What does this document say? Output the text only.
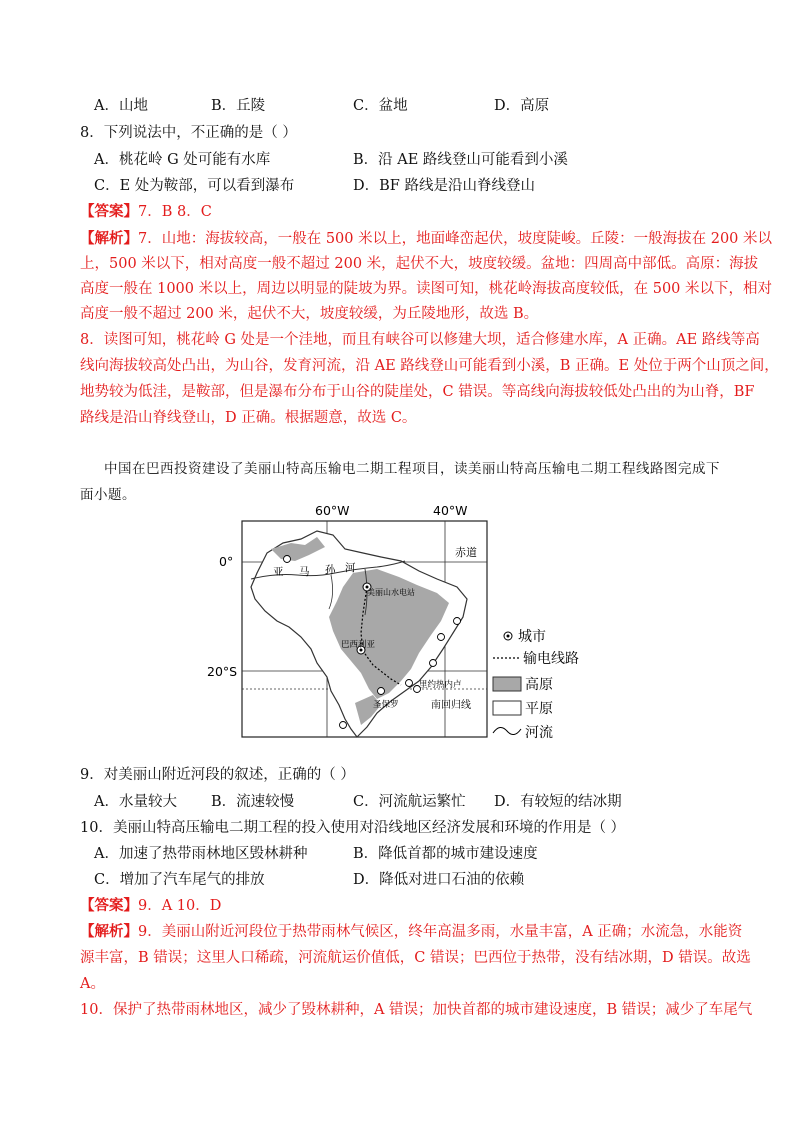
A．山地	B．丘陵	C．盆地	D．高原
8．下列说法中，不正确的是（ ）
A．桃花岭 G 处可能有水库	B．沿 AE 路线登山可能看到小溪
C．E 处为鞍部，可以看到瀑布	D．BF 路线是沿山脊线登山
【答案】7．B 8．C
【解析】7．山地：海拔较高，一般在 500 米以上，地面峰峦起伏，坡度陡峻。丘陵：一般海拔在 200 米以
上，500 米以下，相对高度一般不超过 200 米，起伏不大，坡度较缓。盆地：四周高中部低。高原：海拔
高度一般在 1000 米以上，周边以明显的陡坡为界。读图可知，桃花岭海拔高度较低，在 500 米以下，相对
高度一般不超过 200 米，起伏不大，坡度较缓，为丘陵地形，故选 B。
8．读图可知，桃花岭 G 处是一个洼地，而且有峡谷可以修建大坝，适合修建水库，A 正确。AE 路线等高
线向海拔较高处凸出，为山谷，发育河流，沿 AE 路线登山可能看到小溪，B 正确。E 处位于两个山顶之间，
地势较为低洼，是鞍部，但是瀑布分布于山谷的陡崖处，C 错误。等高线向海拔较低处凸出的为山脊，BF
路线是沿山脊线登山，D 正确。根据题意，故选 C。
中国在巴西投资建设了美丽山特高压输电二期工程项目，读美丽山特高压输电二期工程线路图完成下
面小题。
60°W	40°W
0°
20°S
赤道
南回归线
亚 马 孙 河
美丽山水电站
巴西利亚
里约热内卢
圣保罗
城市
输电线路
高原
平原
河流
9．对美丽山附近河段的叙述，正确的（ ）
A．水量较大 B．流速较慢	C．河流航运繁忙 D．有较短的结冰期
10．美丽山特高压输电二期工程的投入使用对沿线地区经济发展和环境的作用是（ ）
A．加速了热带雨林地区毁林耕种	B．降低首都的城市建设速度
C．增加了汽车尾气的排放	D．降低对进口石油的依赖
【答案】9．A 10．D
【解析】9．美丽山附近河段位于热带雨林气候区，终年高温多雨，水量丰富，A 正确；水流急，水能资
源丰富，B 错误；这里人口稀疏，河流航运价值低，C 错误；巴西位于热带，没有结冰期，D 错误。故选
A。
10．保护了热带雨林地区，减少了毁林耕种，A 错误；加快首都的城市建设速度，B 错误；减少了车尾气
